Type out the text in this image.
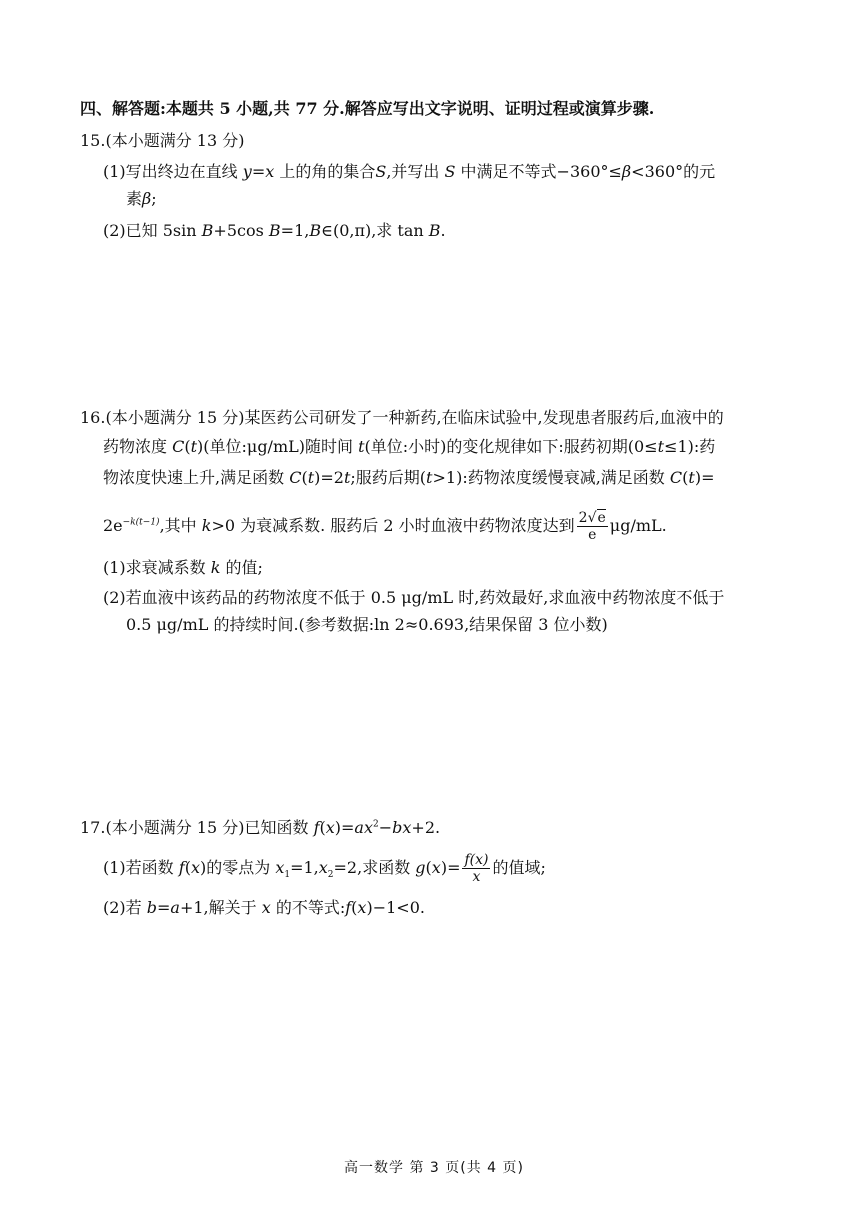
四、解答题:本题共 5 小题,共 77 分.解答应写出文字说明、证明过程或演算步骤.
15.(本小题满分 13 分)
(1)写出终边在直线 y=x 上的角的集合S,并写出 S 中满足不等式−360°≤β<360°的元
素β;
(2)已知 5sin B+5cos B=1,B∈(0,π),求 tan B.
16.(本小题满分 15 分)某医药公司研发了一种新药,在临床试验中,发现患者服药后,血液中的
药物浓度 C(t)(单位:μg/mL)随时间 t(单位:小时)的变化规律如下:服药初期(0≤t≤1):药
物浓度快速上升,满足函数 C(t)=2t;服药后期(t>1):药物浓度缓慢衰减,满足函数 C(t)=
$2e^{-k(t-1)}$,其中 k>0 为衰减系数. 服药后 2 小时血液中药物浓度达到 $\frac{2√e}{e} \mu g/mL$.
(1)求衰减系数 k 的值;
(2)若血液中该药品的药物浓度不低于 0.5 μg/mL 时,药效最好,求血液中药物浓度不低于
0.5 μg/mL 的持续时间.(参考数据:ln 2≈0.693,结果保留 3 位小数)
17.(本小题满分 15 分)已知函数 $f(x)=ax^2-bx+2$.
(1)若函数 f(x)的零点为 $x_1=1,x_2=2$,求函数 $g(x)= \frac{f(x)}{x}$ 的值域;
(2)若 b=a+1,解关于 x 的不等式:f(x)−1<0.
高一数学 第 3 页(共 4 页)
